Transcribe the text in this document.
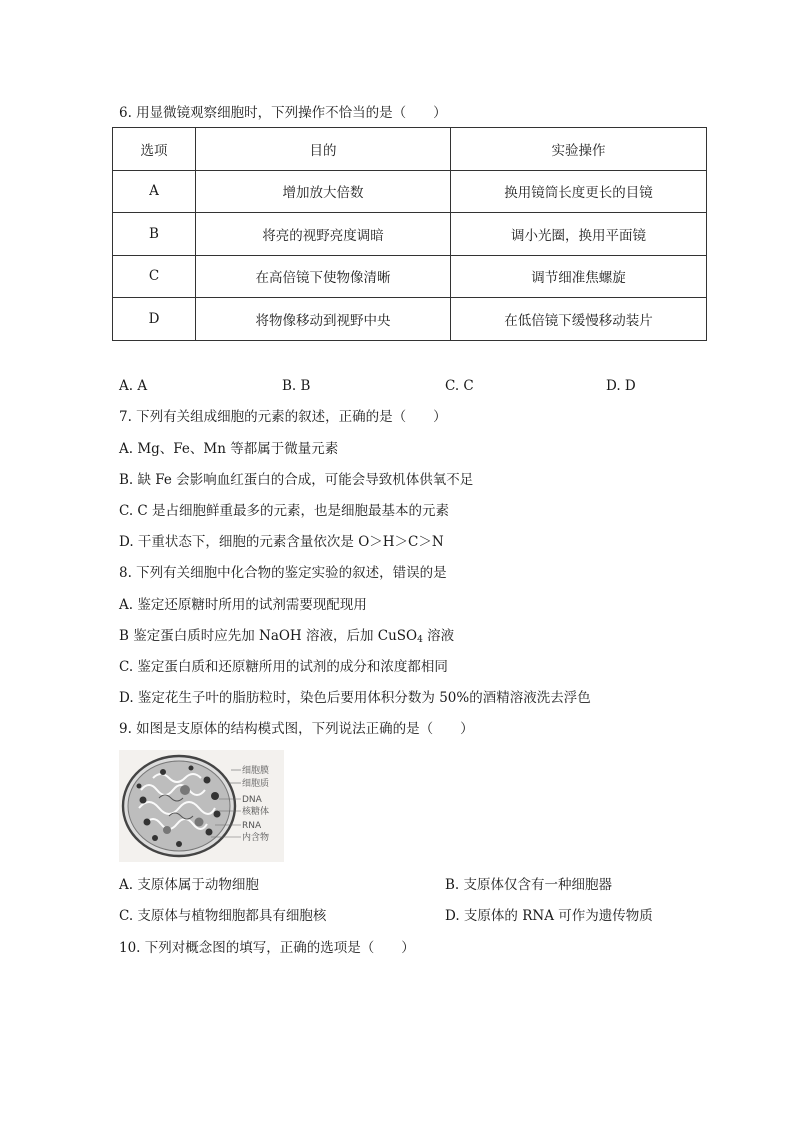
6. 用显微镜观察细胞时，下列操作不恰当的是（　　）
选项	目的	实验操作
A	增加放大倍数	换用镜筒长度更长的目镜
B	将亮的视野亮度调暗	调小光圈，换用平面镜
C	在高倍镜下使物像清晰	调节细准焦螺旋
D	将物像移动到视野中央	在低倍镜下缓慢移动装片
A. A	B. B	C. C	D. D
7. 下列有关组成细胞的元素的叙述，正确的是（　　）
A. Mg、Fe、Mn 等都属于微量元素
B. 缺 Fe 会影响血红蛋白的合成，可能会导致机体供氧不足
C. C 是占细胞鲜重最多的元素，也是细胞最基本的元素
D. 干重状态下，细胞的元素含量依次是 O＞H＞C＞N
8. 下列有关细胞中化合物的鉴定实验的叙述，错误的是
A. 鉴定还原糖时所用的试剂需要现配现用
B 鉴定蛋白质时应先加 NaOH 溶液，后加 CuSO$_4$ 溶液
C. 鉴定蛋白质和还原糖所用的试剂的成分和浓度都相同
D. 鉴定花生子叶的脂肪粒时，染色后要用体积分数为 50%的酒精溶液洗去浮色
9. 如图是支原体的结构模式图，下列说法正确的是（　　）
细胞膜
细胞质
DNA
核糖体
RNA
内含物
A. 支原体属于动物细胞	B. 支原体仅含有一种细胞器
C. 支原体与植物细胞都具有细胞核	D. 支原体的 RNA 可作为遗传物质
10. 下列对概念图的填写，正确的选项是（　　）
